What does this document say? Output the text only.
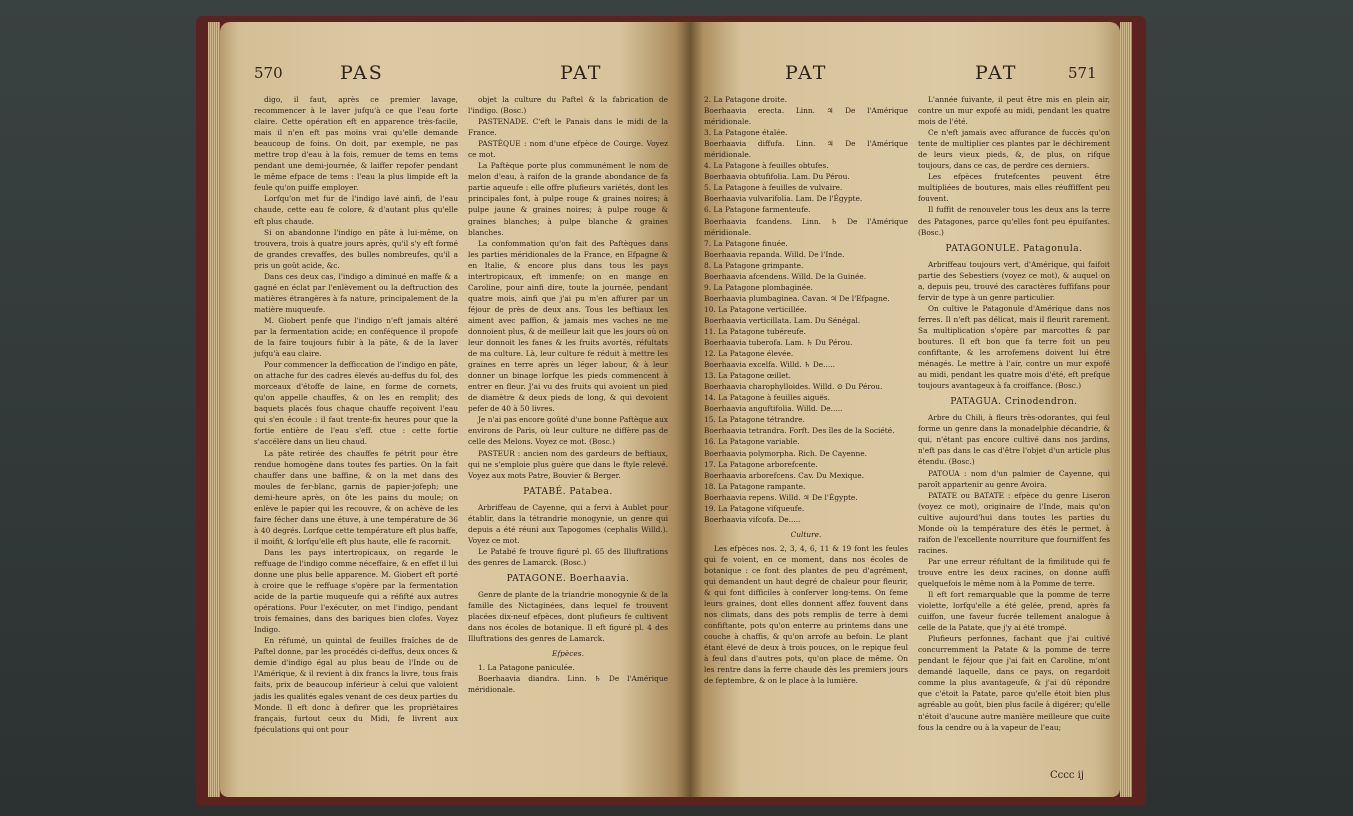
570	PAS	PAT

digo, il faut, après ce premier lavage, recommencer à le laver jufqu'à ce que l'eau forte claire. Cette opération eft en apparence très-facile, mais il n'en eft pas moins vrai qu'elle demande beaucoup de foins. On doit, par exemple, ne pas mettre trop d'eau à la fois, remuer de tems en tems pendant une demi-journée, & laiffer repofer pendant le même efpace de tems : l'eau la plus limpide eft la feule qu'on puiffe employer.

Lorfqu'on met fur de l'indigo lavé ainfi, de l'eau chaude, cette eau fe colore, & d'autant plus qu'elle eft plus chaude.

Si on abandonne l'indigo en pâte à lui-même, on trouvera, trois à quatre jours après, qu'il s'y eft formé de grandes crevaffes, des bulles nombreufes, qu'il a pris un goût acide, &c.

Dans ces deux cas, l'indigo a diminué en maffe & a gagné en éclat par l'enlèvement ou la deftruction des matières étrangères à fa nature, principalement de la matière muqueufe.

M. Giobert penfe que l'indigo n'eft jamais altéré par la fermentation acide; en conféquence il propofe de la faire toujours fubir à la pâte, & de la laver jufqu'à eau claire.

Pour commencer la defficcation de l'indigo en pâte, on attache fur des cadres élevés au-deffus du fol, des morceaux d'étoffe de laine, en forme de cornets, qu'on appelle chauffes, & on les en remplit; des baquets placés fous chaque chauffe reçoivent l'eau qui s'en écoule : il faut trente-fix heures pour que la fortie entière de l'eau s'eff. ctue : cette fortie s'accélère dans un lieu chaud.

La pâte retirée des chauffes fe pétrit pour être rendue homogène dans toutes fes parties. On la fait chauffer dans une baffine, & on la met dans des moules de fer-blanc, garnis de papier-jofeph; une demi-heure après, on ôte les pains du moule; on enlève le papier qui les recouvre, & on achève de les faire fécher dans une étuve, à une température de 36 à 40 degrés. Lorfque cette température eft plus baffe, il moifit, & lorfqu'elle eft plus haute, elle fe racornit.

Dans les pays intertropicaux, on regarde le reffuage de l'indigo comme néceffaire, & en effet il lui donne une plus belle apparence. M. Giobert eft porté à croire que le reffuage s'opère par la fermentation acide de la partie muqueufe qui a réfifté aux autres opérations. Pour l'exécuter, on met l'indigo, pendant trois femaines, dans des bariques bien clofes. Voyez Indigo.

En réfumé, un quintal de feuilles fraîches de de Paftel donne, par les procédés ci-deffus, deux onces & demie d'indigo égal au plus beau de l'Inde ou de l'Amérique, & il revient à dix francs la livre, tous frais faits, prix de beaucoup inférieur à celui que valoient jadis les qualités egales venant de ces deux parties du Monde. Il eft donc à defirer que les propriétaires français, furtout ceux du Midi, fe livrent aux fpéculations qui ont pour

objet la culture du Paftel & la fabrication de l'indigo. (Bosc.)

PASTENADE. C'eft le Panais dans le midi de la France.

PASTÈQUE : nom d'une efpèce de Courge. Voyez ce mot.

La Paftèque porte plus communément le nom de melon d'eau, à raifon de la grande abondance de fa partie aqueufe : elle offre plufieurs variétés, dont les principales font, à pulpe rouge & graines noires; à pulpe jaune & graines noires; à pulpe rouge & graines blanches; à pulpe blanche & graines blanches.

La confommation qu'on fait des Paftèques dans les parties méridionales de la France, en Efpagne & en Italie, & encore plus dans tous les pays intertropicaux, eft immenfe; on en mange en Caroline, pour ainfi dire, toute la journée, pendant quatre mois, ainfi que j'ai pu m'en affurer par un féjour de près de deux ans. Tous les beftiaux les aiment avec paffion, & jamais mes vaches ne me donnoient plus, & de meilleur lait que les jours où on leur donnoit les fanes & les fruits avortés, réfultats de ma culture. Là, leur culture fe réduit à mettre les graines en terre après un léger labour, & à leur donner un binage lorfque les pieds commencent à entrer en fleur. J'ai vu des fruits qui avoient un pied de diamètre & deux pieds de long, & qui devoient pefer de 40 à 50 livres.

Je n'ai pas encore goûté d'une bonne Paftèque aux environs de Paris, où leur culture ne diffère pas de celle des Melons. Voyez ce mot. (Bosc.)

PASTEUR : ancien nom des gardeurs de beftiaux, qui ne s'emploie plus guère que dans le ftyle relevé. Voyez aux mots Patre, Bouvier & Berger.

PATABÉ. Patabea.

Arbriffeau de Cayenne, qui a fervi à Aublet pour établir, dans la tétrandrie monogynie, un genre qui depuis a été réuni aux Tapogomes (cephalis Willd.). Voyez ce mot.

Le Patabé fe trouve figuré pl. 65 des Illuftrations des genres de Lamarck. (Bosc.)

PATAGONE. Boerhaavia.

Genre de plante de la triandrie monogynie & de la famille des Nictaginées, dans lequel fe trouvent placées dix-neuf efpèces, dont plufieurs fe cultivent dans nos écoles de botanique. Il eft figuré pl. 4 des Illuftrations des genres de Lamarck.

Efpèces.

1. La Patagone paniculée.

Boerhaavia diandra. Linn. ♄ De l'Amérique méridionale.

PAT	PAT	571

2. La Patagone droite.

Boerhaavia erecta. Linn. ♃ De l'Amérique méridionale.

3. La Patagone étalée.

Boerhaavia diffufa. Linn. ♃ De l'Amérique méridionale.

4. La Patagone à feuilles obtufes.

Boerhaavia obtufifolia. Lam. Du Pérou.

5. La Patagone à feuilles de vulvaire.

Boerhaavia vulvarifolia. Lam. De l'Égypte.

6. La Patagone farmenteufe.

Boerhaavia fcandens. Linn. ♄ De l'Amérique méridionale.

7. La Patagone finuée.

Boerhaavia repanda. Willd. De l'Inde.

8. La Patagone grimpante.

Boerhaavia afcendens. Willd. De la Guinée.

9. La Patagone plombaginée.

Boerhaavia plumbaginea. Cavan. ♃ De l'Efpagne.

10. La Patagone verticillée.

Boerhaavia verticillata. Lam. Du Sénégal.

11. La Patagone tubéreufe.

Boerhaavia tuberofa. Lam. ♄ Du Pérou.

12. La Patagone élevée.

Boerhaavia excelfa. Willd. ♄ De.....

13. La Patagone œillet.

Boerhaavia charophylloides. Willd. ⊙ Du Pérou.

14. La Patagone à feuilles aiguës.

Boerhaavia anguftifolia. Willd. De.....

15. La Patagone tétrandre.

Boerhaavia tetrandra. Forft. Des îles de la Société.

16. La Patagone variable.

Boerhaavia polymorpha. Rich. De Cayenne.

17. La Patagone arborefcente.

Boerhaavia arborefcens. Cav. Du Mexique.

18. La Patagone rampante.

Boerhaavia repens. Willd. ♃ De l'Égypte.

19. La Patagone vifqueufe.

Boerhaavia vifcofa. De.....

Culture.

Les efpèces nos. 2, 3, 4, 6, 11 & 19 font les feules qui fe voient, en ce moment, dans nos écoles de botanique : ce font des plantes de peu d'agrément, qui demandent un haut degré de chaleur pour fleurir, & qui font difficiles à conferver long-tems. On feme leurs graines, dont elles donnent affez fouvent dans nos climats, dans des pots remplis de terre à demi confiftante, pots qu'on enterre au printems dans une couche à chaffis, & qu'on arrofe au befoin. Le plant étant élevé de deux à trois pouces, on le repique feul à feul dans d'autres pots, qu'on place de même. On les rentre dans la ferre chaude dès les premiers jours de feptembre, & on le place à la lumière.

L'année fuivante, il peut être mis en plein air, contre un mur expofé au midi, pendant les quatre mois de l'été.

Ce n'eft jamais avec affurance de fuccès qu'on tente de multiplier ces plantes par le déchirement de leurs vieux pieds, &, de plus, on rifque toujours, dans ce cas, de perdre ces derniers.

Les efpèces frutefcentes peuvent être multipliées de boutures, mais elles réuffiffent peu fouvent.

Il fuffit de renouveler tous les deux ans la terre des Patagones, parce qu'elles font peu épuifantes. (Bosc.)

PATAGONULE. Patagonula.

Arbriffeau toujours vert, d'Amérique, qui faifoit partie des Sebestiers (voyez ce mot), & auquel on a, depuis peu, trouvé des caractères fuffifans pour fervir de type à un genre particulier.

On cultive le Patagonule d'Amérique dans nos ferres. Il n'eft pas délicat, mais il fleurit rarement. Sa multiplication s'opère par marcottes & par boutures. Il eft bon que fa terre foit un peu confiftante, & les arrofemens doivent lui être ménagés. Le mettre à l'air, contre un mur expofé au midi, pendant les quatre mois d'été, eft prefque toujours avantageux à fa croiffance. (Bosc.)

PATAGUA. Crinodendron.

Arbre du Chili, à fleurs très-odorantes, qui feul forme un genre dans la monadelphie décandrie, & qui, n'étant pas encore cultivé dans nos jardins, n'eft pas dans le cas d'être l'objet d'un article plus étendu. (Bosc.)

PATOUA : nom d'un palmier de Cayenne, qui paroît appartenir au genre Avoira.

PATATE ou BATATE : efpèce du genre Liseron (voyez ce mot), originaire de l'Inde, mais qu'on cultive aujourd'hui dans toutes les parties du Monde où la température des étés le permet, à raifon de l'excellente nourriture que fourniffent fes racines.

Par une erreur réfultant de la fimilitude qui fe trouve entre les deux racines, on donne auffi quelquefois le même nom à la Pomme de terre.

Il eft fort remarquable que la pomme de terre violette, lorfqu'elle a été gelée, prend, après fa cuiffon, une faveur fucrée tellement analogue à celle de la Patate, que j'y ai été trompé.

Plufieurs perfonnes, fachant que j'ai cultivé concurremment la Patate & la pomme de terre pendant le féjour que j'ai fait en Caroline, m'ont demandé laquelle, dans ce pays, on regardoit comme la plus avantageufe, & j'ai dû répondre que c'étoit la Patate, parce qu'elle étoit bien plus agréable au goût, bien plus facile à digérer; qu'elle n'étoit d'aucune autre manière meilleure que cuite fous la cendre ou à la vapeur de l'eau;

Cccc ij
